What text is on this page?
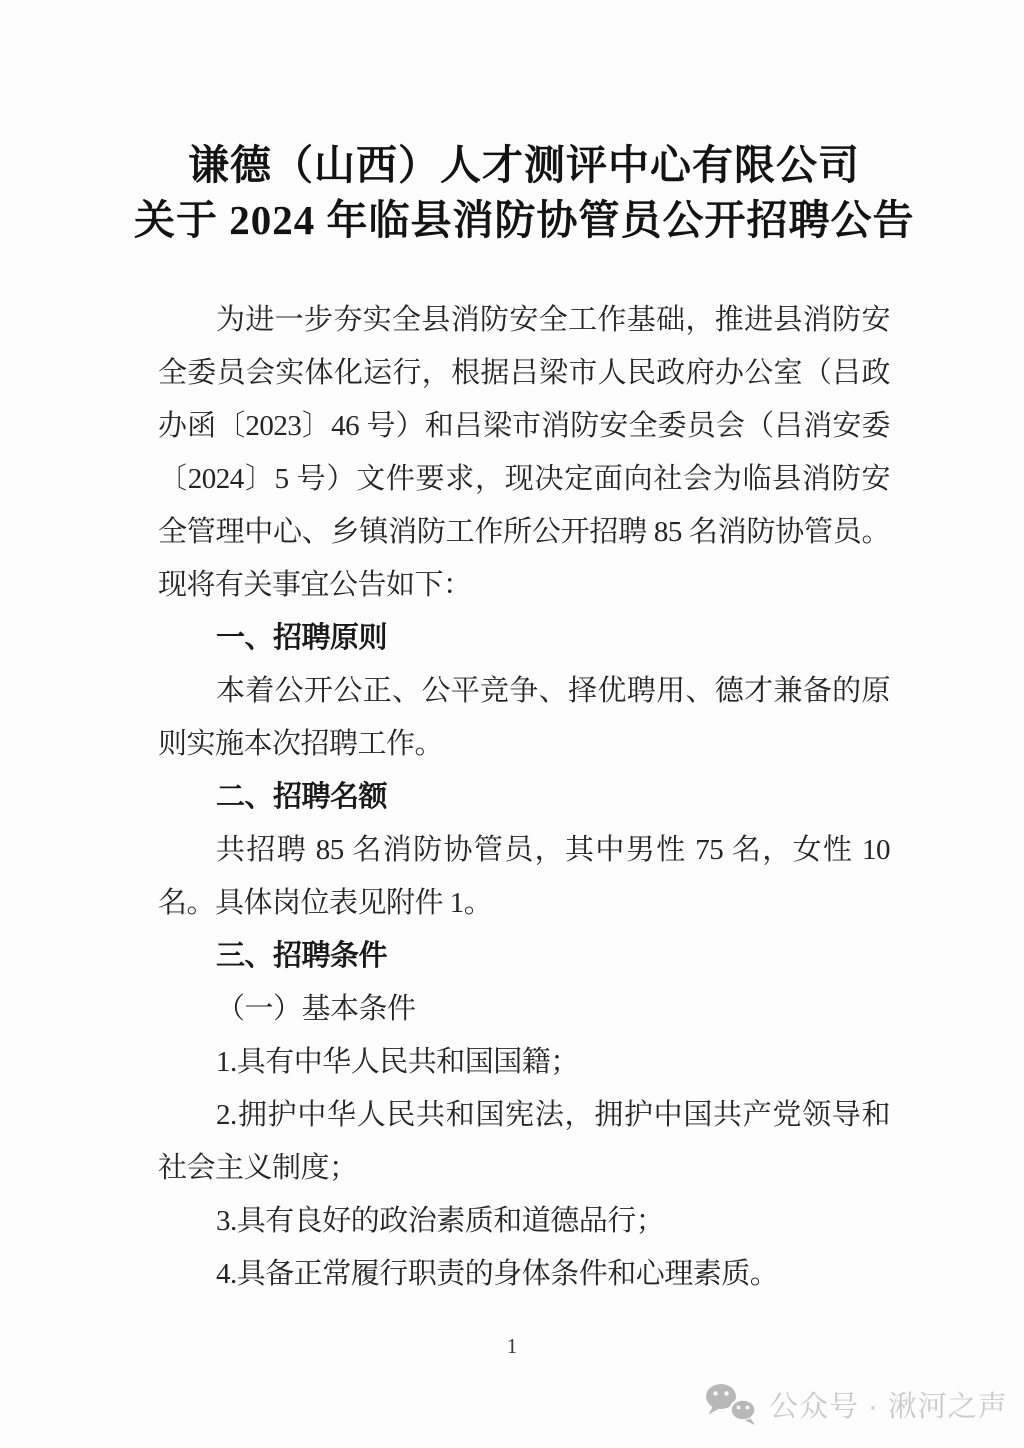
谦德（山西）人才测评中心有限公司
关于 2024 年临县消防协管员公开招聘公告

为进一步夯实全县消防安全工作基础，推进县消防安全委员会实体化运行，根据吕梁市人民政府办公室（吕政办函〔2023〕46 号）和吕梁市消防安全委员会（吕消安委〔2024〕5 号）文件要求，现决定面向社会为临县消防安全管理中心、乡镇消防工作所公开招聘 85 名消防协管员。现将有关事宜公告如下：

一、招聘原则

本着公开公正、公平竞争、择优聘用、德才兼备的原则实施本次招聘工作。

二、招聘名额

共招聘 85 名消防协管员，其中男性 75 名，女性 10 名。具体岗位表见附件 1。

三、招聘条件

（一）基本条件

1.具有中华人民共和国国籍；

2.拥护中华人民共和国宪法，拥护中国共产党领导和社会主义制度；

3.具有良好的政治素质和道德品行；

4.具备正常履行职责的身体条件和心理素质。

1
公众号 · 湫河之声
